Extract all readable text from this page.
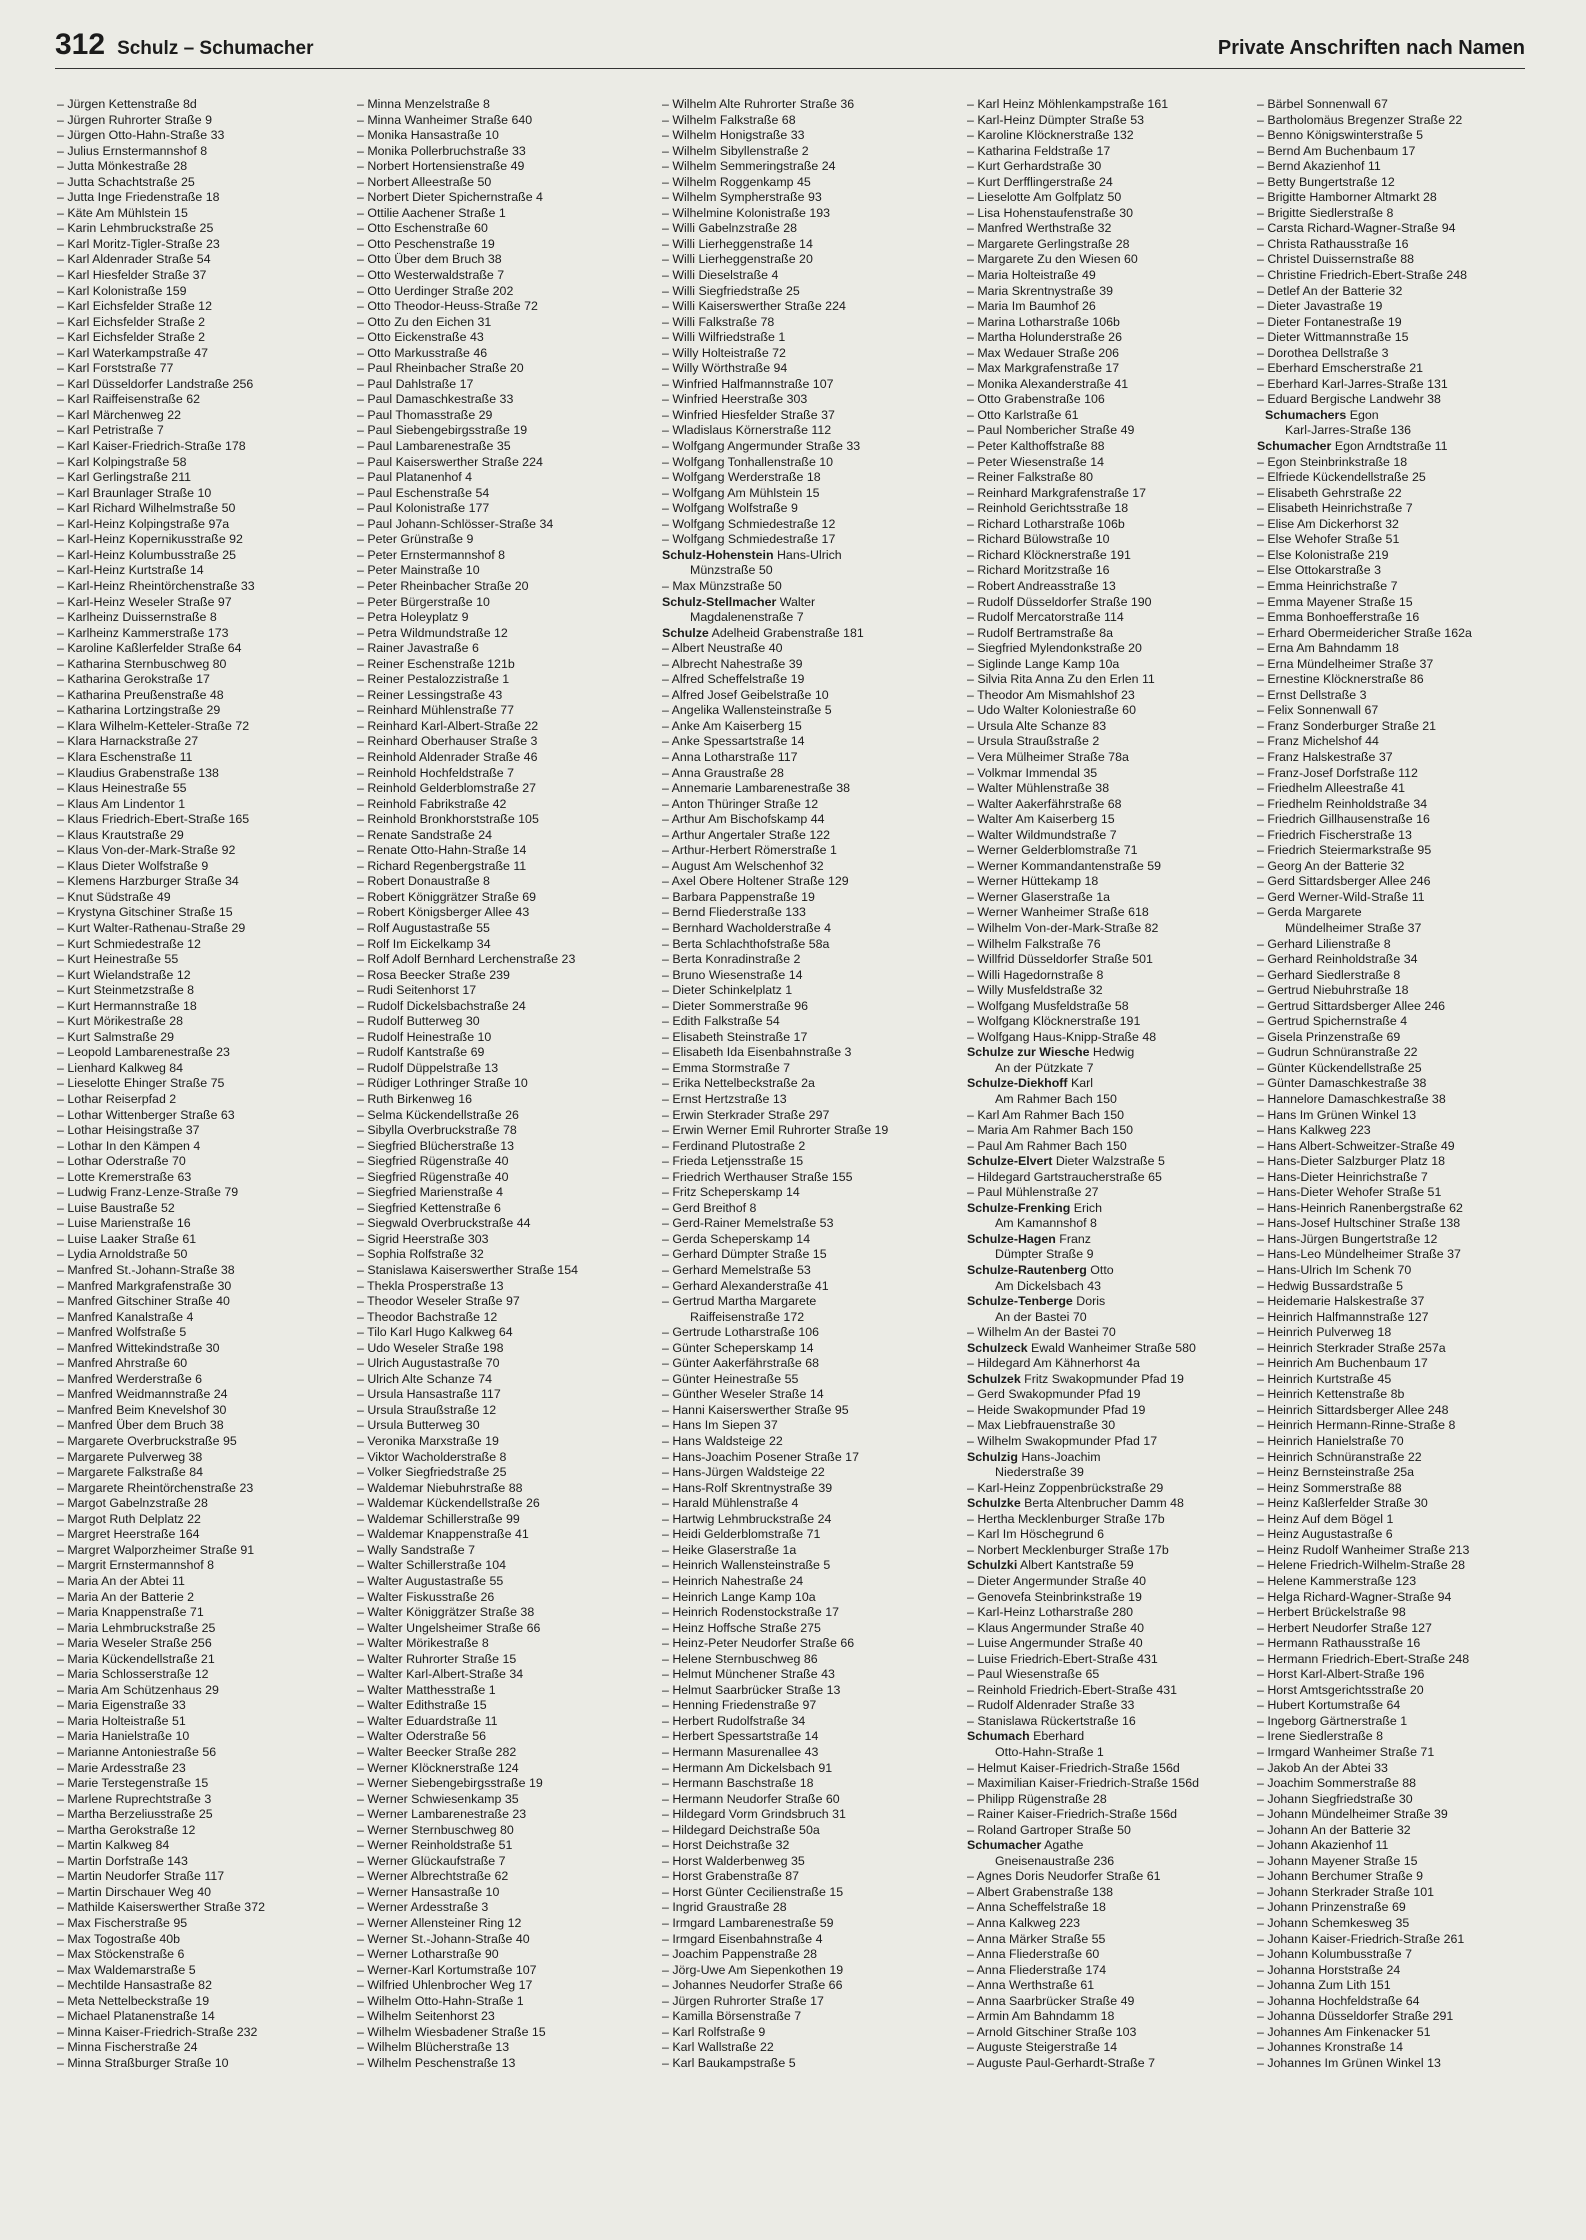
312 Schulz – Schumacher	Private Anschriften nach Namen
– Jürgen Kettenstraße 8d
– Jürgen Ruhrorter Straße 9
– Jürgen Otto-Hahn-Straße 33
– Julius Ernstermannshof 8
– Jutta Mönkestraße 28
– Jutta Schachtstraße 25
– Jutta Inge Friedenstraße 18
– Käte Am Mühlstein 15
– Karin Lehmbruckstraße 25
– Karl Moritz-Tigler-Straße 23
– Karl Aldenrader Straße 54
– Karl Hiesfelder Straße 37
– Karl Kolonistraße 159
– Karl Eichsfelder Straße 12
– Karl Eichsfelder Straße 2
– Karl Eichsfelder Straße 2
– Karl Waterkampstraße 47
– Karl Forststraße 77
– Karl Düsseldorfer Landstraße 256
– Karl Raiffeisenstraße 62
– Karl Märchenweg 22
– Karl Petristraße 7
– Karl Kaiser-Friedrich-Straße 178
– Karl Kolpingstraße 58
– Karl Gerlingstraße 211
– Karl Braunlager Straße 10
– Karl Richard Wilhelmstraße 50
– Karl-Heinz Kolpingstraße 97a
– Karl-Heinz Kopernikusstraße 92
– Karl-Heinz Kolumbusstraße 25
– Karl-Heinz Kurtstraße 14
– Karl-Heinz Rheintörchenstraße 33
– Karl-Heinz Weseler Straße 97
– Karlheinz Duissernstraße 8
– Karlheinz Kammerstraße 173
– Karoline Kaßlerfelder Straße 64
– Katharina Sternbuschweg 80
– Katharina Gerokstraße 17
– Katharina Preußenstraße 48
– Katharina Lortzingstraße 29
– Klara Wilhelm-Ketteler-Straße 72
– Klara Harnackstraße 27
– Klara Eschenstraße 11
– Klaudius Grabenstraße 138
– Klaus Heinestraße 55
– Klaus Am Lindentor 1
– Klaus Friedrich-Ebert-Straße 165
– Klaus Krautstraße 29
– Klaus Von-der-Mark-Straße 92
– Klaus Dieter Wolfstraße 9
– Klemens Harzburger Straße 34
– Knut Südstraße 49
– Krystyna Gitschiner Straße 15
– Kurt Walter-Rathenau-Straße 29
– Kurt Schmiedestraße 12
– Kurt Heinestraße 55
– Kurt Wielandstraße 12
– Kurt Steinmetzstraße 8
– Kurt Hermannstraße 18
– Kurt Mörikestraße 28
– Kurt Salmstraße 29
– Leopold Lambarenestraße 23
– Lienhard Kalkweg 84
– Lieselotte Ehinger Straße 75
– Lothar Reiserpfad 2
– Lothar Wittenberger Straße 63
– Lothar Heisingstraße 37
– Lothar In den Kämpen 4
– Lothar Oderstraße 70
– Lotte Kremerstraße 63
– Ludwig Franz-Lenze-Straße 79
– Luise Baustraße 52
– Luise Marienstraße 16
– Luise Laaker Straße 61
– Lydia Arnoldstraße 50
– Manfred St.-Johann-Straße 38
– Manfred Markgrafenstraße 30
– Manfred Gitschiner Straße 40
– Manfred Kanalstraße 4
– Manfred Wolfstraße 5
– Manfred Wittekindstraße 30
– Manfred Ahrstraße 60
– Manfred Werderstraße 6
– Manfred Weidmannstraße 24
– Manfred Beim Knevelshof 30
– Manfred Über dem Bruch 38
– Margarete Overbruckstraße 95
– Margarete Pulverweg 38
– Margarete Falkstraße 84
– Margarete Rheintörchenstraße 23
– Margot Gabelnzstraße 28
– Margot Ruth Delplatz 22
– Margret Heerstraße 164
– Margret Walporzheimer Straße 91
– Margrit Ernstermannshof 8
– Maria An der Abtei 11
– Maria An der Batterie 2
– Maria Knappenstraße 71
– Maria Lehmbruckstraße 25
– Maria Weseler Straße 256
– Maria Kückendellstraße 21
– Maria Schlosserstraße 12
– Maria Am Schützenhaus 29
– Maria Eigenstraße 33
– Maria Holteistraße 51
– Maria Hanielstraße 10
– Marianne Antoniestraße 56
– Marie Ardesstraße 23
– Marie Terstegenstraße 15
– Marlene Ruprechtstraße 3
– Martha Berzeliusstraße 25
– Martha Gerokstraße 12
– Martin Kalkweg 84
– Martin Dorfstraße 143
– Martin Neudorfer Straße 117
– Martin Dirschauer Weg 40
– Mathilde Kaiserswerther Straße 372
– Max Fischerstraße 95
– Max Togostraße 40b
– Max Stöckenstraße 6
– Max Waldemarstraße 5
– Mechtilde Hansastraße 82
– Meta Nettelbeckstraße 19
– Michael Platanenstraße 14
– Minna Kaiser-Friedrich-Straße 232
– Minna Fischerstraße 24
– Minna Straßburger Straße 10
– Minna Menzelstraße 8
– Minna Wanheimer Straße 640
– Monika Hansastraße 10
– Monika Pollerbruchstraße 33
– Norbert Hortensienstraße 49
– Norbert Alleestraße 50
– Norbert Dieter Spichernstraße 4
– Ottilie Aachener Straße 1
– Otto Eschenstraße 60
– Otto Peschenstraße 19
– Otto Über dem Bruch 38
– Otto Westerwaldstraße 7
– Otto Uerdinger Straße 202
– Otto Theodor-Heuss-Straße 72
– Otto Zu den Eichen 31
– Otto Eickenstraße 43
– Otto Markusstraße 46
– Paul Rheinbacher Straße 20
– Paul Dahlstraße 17
– Paul Damaschkestraße 33
– Paul Thomasstraße 29
– Paul Siebengebirgsstraße 19
– Paul Lambarenestraße 35
– Paul Kaiserswerther Straße 224
– Paul Platanenhof 4
– Paul Eschenstraße 54
– Paul Kolonistraße 177
– Paul Johann-Schlösser-Straße 34
– Peter Grünstraße 9
– Peter Ernstermannshof 8
– Peter Mainstraße 10
– Peter Rheinbacher Straße 20
– Peter Bürgerstraße 10
– Petra Holeyplatz 9
– Petra Wildmundstraße 12
– Rainer Javastraße 6
– Reiner Eschenstraße 121b
– Reiner Pestalozzistraße 1
– Reiner Lessingstraße 43
– Reinhard Mühlenstraße 77
– Reinhard Karl-Albert-Straße 22
– Reinhard Oberhauser Straße 3
– Reinhold Aldenrader Straße 46
– Reinhold Hochfeldstraße 7
– Reinhold Gelderblomstraße 27
– Reinhold Fabrikstraße 42
– Reinhold Bronkhorststraße 105
– Renate Sandstraße 24
– Renate Otto-Hahn-Straße 14
– Richard Regenbergstraße 11
– Robert Donaustraße 8
– Robert Königgrätzer Straße 69
– Robert Königsberger Allee 43
– Rolf Augustastraße 55
– Rolf Im Eickelkamp 34
– Rolf Adolf Bernhard Lerchenstraße 23
– Rosa Beecker Straße 239
– Rudi Seitenhorst 17
– Rudolf Dickelsbachstraße 24
– Rudolf Butterweg 30
– Rudolf Heinestraße 10
– Rudolf Kantstraße 69
– Rudolf Düppelstraße 13
– Rüdiger Lothringer Straße 10
– Ruth Birkenweg 16
– Selma Kückendellstraße 26
– Sibylla Overbruckstraße 78
– Siegfried Blücherstraße 13
– Siegfried Rügenstraße 40
– Siegfried Rügenstraße 40
– Siegfried Marienstraße 4
– Siegfried Kettenstraße 6
– Siegwald Overbruckstraße 44
– Sigrid Heerstraße 303
– Sophia Rolfstraße 32
– Stanislawa Kaiserswerther Straße 154
– Thekla Prosperstraße 13
– Theodor Weseler Straße 97
– Theodor Bachstraße 12
– Tilo Karl Hugo Kalkweg 64
– Udo Weseler Straße 198
– Ulrich Augustastraße 70
– Ulrich Alte Schanze 74
– Ursula Hansastraße 117
– Ursula Straußstraße 12
– Ursula Butterweg 30
– Veronika Marxstraße 19
– Viktor Wacholderstraße 8
– Volker Siegfriedstraße 25
– Waldemar Niebuhrstraße 88
– Waldemar Kückendellstraße 26
– Waldemar Schillerstraße 99
– Waldemar Knappenstraße 41
– Wally Sandstraße 7
– Walter Schillerstraße 104
– Walter Augustastraße 55
– Walter Fiskusstraße 26
– Walter Königgrätzer Straße 38
– Walter Ungelsheimer Straße 66
– Walter Mörikestraße 8
– Walter Ruhrorter Straße 15
– Walter Karl-Albert-Straße 34
– Walter Matthesstraße 1
– Walter Edithstraße 15
– Walter Eduardstraße 11
– Walter Oderstraße 56
– Walter Beecker Straße 282
– Werner Klöcknerstraße 124
– Werner Siebengebirgsstraße 19
– Werner Schwiesenkamp 35
– Werner Lambarenestraße 23
– Werner Sternbuschweg 80
– Werner Reinholdstraße 51
– Werner Glückaufstraße 7
– Werner Albrechtstraße 62
– Werner Hansastraße 10
– Werner Ardesstraße 3
– Werner Allensteiner Ring 12
– Werner St.-Johann-Straße 40
– Werner Lotharstraße 90
– Werner-Karl Kortumstraße 107
– Wilfried Uhlenbrocher Weg 17
– Wilhelm Otto-Hahn-Straße 1
– Wilhelm Seitenhorst 23
– Wilhelm Wiesbadener Straße 15
– Wilhelm Blücherstraße 13
– Wilhelm Peschenstraße 13
– Wilhelm Alte Ruhrorter Straße 36
– Wilhelm Falkstraße 68
– Wilhelm Honigstraße 33
– Wilhelm Sibyllenstraße 2
– Wilhelm Semmeringstraße 24
– Wilhelm Roggenkamp 45
– Wilhelm Sympherstraße 93
– Wilhelmine Kolonistraße 193
– Willi Gabelnzstraße 28
– Willi Lierheggenstraße 14
– Willi Lierheggenstraße 20
– Willi Dieselstraße 4
– Willi Siegfriedstraße 25
– Willi Kaiserswerther Straße 224
– Willi Falkstraße 78
– Willi Wilfriedstraße 1
– Willy Holteistraße 72
– Willy Wörthstraße 94
– Winfried Halfmannstraße 107
– Winfried Heerstraße 303
– Winfried Hiesfelder Straße 37
– Wladislaus Körnerstraße 112
– Wolfgang Angermunder Straße 33
– Wolfgang Tonhallenstraße 10
– Wolfgang Werderstraße 18
– Wolfgang Am Mühlstein 15
– Wolfgang Wolfstraße 9
– Wolfgang Schmiedestraße 12
– Wolfgang Schmiedestraße 17
Schulz-Hohenstein Hans-Ulrich
Münzstraße 50
– Max Münzstraße 50
Schulz-Stellmacher Walter
Magdalenenstraße 7
Schulze Adelheid Grabenstraße 181
– Albert Neustraße 40
– Albrecht Nahestraße 39
– Alfred Scheffelstraße 19
– Alfred Josef Geibelstraße 10
– Angelika Wallensteinstraße 5
– Anke Am Kaiserberg 15
– Anke Spessartstraße 14
– Anna Lotharstraße 117
– Anna Graustraße 28
– Annemarie Lambarenestraße 38
– Anton Thüringer Straße 12
– Arthur Am Bischofskamp 44
– Arthur Angertaler Straße 122
– Arthur-Herbert Römerstraße 1
– August Am Welschenhof 32
– Axel Obere Holtener Straße 129
– Barbara Pappenstraße 19
– Bernd Fliederstraße 133
– Bernhard Wacholderstraße 4
– Berta Schlachthofstraße 58a
– Berta Konradinstraße 2
– Bruno Wiesenstraße 14
– Dieter Schinkelplatz 1
– Dieter Sommerstraße 96
– Edith Falkstraße 54
– Elisabeth Steinstraße 17
– Elisabeth Ida Eisenbahnstraße 3
– Emma Stormstraße 7
– Erika Nettelbeckstraße 2a
– Ernst Hertzstraße 13
– Erwin Sterkrader Straße 297
– Erwin Werner Emil Ruhrorter Straße 19
– Ferdinand Plutostraße 2
– Frieda Letjensstraße 15
– Friedrich Werthauser Straße 155
– Fritz Scheperskamp 14
– Gerd Breithof 8
– Gerd-Rainer Memelstraße 53
– Gerda Scheperskamp 14
– Gerhard Dümpter Straße 15
– Gerhard Memelstraße 53
– Gerhard Alexanderstraße 41
– Gertrud Martha Margarete
Raiffeisenstraße 172
– Gertrude Lotharstraße 106
– Günter Scheperskamp 14
– Günter Aakerfährstraße 68
– Günter Heinestraße 55
– Günther Weseler Straße 14
– Hanni Kaiserswerther Straße 95
– Hans Im Siepen 37
– Hans Waldsteige 22
– Hans-Joachim Posener Straße 17
– Hans-Jürgen Waldsteige 22
– Hans-Rolf Skrentnystraße 39
– Harald Mühlenstraße 4
– Hartwig Lehmbruckstraße 24
– Heidi Gelderblomstraße 71
– Heike Glaserstraße 1a
– Heinrich Wallensteinstraße 5
– Heinrich Nahestraße 24
– Heinrich Lange Kamp 10a
– Heinrich Rodenstockstraße 17
– Heinz Hoffsche Straße 275
– Heinz-Peter Neudorfer Straße 66
– Helene Sternbuschweg 86
– Helmut Münchener Straße 43
– Helmut Saarbrücker Straße 13
– Henning Friedenstraße 97
– Herbert Rudolfstraße 34
– Herbert Spessartstraße 14
– Hermann Masurenallee 43
– Hermann Am Dickelsbach 91
– Hermann Baschstraße 18
– Hermann Neudorfer Straße 60
– Hildegard Vorm Grindsbruch 31
– Hildegard Deichstraße 50a
– Horst Deichstraße 32
– Horst Walderbenweg 35
– Horst Grabenstraße 87
– Horst Günter Cecilienstraße 15
– Ingrid Graustraße 28
– Irmgard Lambarenestraße 59
– Irmgard Eisenbahnstraße 4
– Joachim Pappenstraße 28
– Jörg-Uwe Am Siepenkothen 19
– Johannes Neudorfer Straße 66
– Jürgen Ruhrorter Straße 17
– Kamilla Börsenstraße 7
– Karl Rolfstraße 9
– Karl Wallstraße 22
– Karl Baukampstraße 5
– Karl Heinz Möhlenkampstraße 161
– Karl-Heinz Dümpter Straße 53
– Karoline Klöcknerstraße 132
– Katharina Feldstraße 17
– Kurt Gerhardstraße 30
– Kurt Derfflingerstraße 24
– Lieselotte Am Golfplatz 50
– Lisa Hohenstaufenstraße 30
– Manfred Werthstraße 32
– Margarete Gerlingstraße 28
– Margarete Zu den Wiesen 60
– Maria Holteistraße 49
– Maria Skrentnystraße 39
– Maria Im Baumhof 26
– Marina Lotharstraße 106b
– Martha Holunderstraße 26
– Max Wedauer Straße 206
– Max Markgrafenstraße 17
– Monika Alexanderstraße 41
– Otto Grabenstraße 106
– Otto Karlstraße 61
– Paul Nombericher Straße 49
– Peter Kalthoffstraße 88
– Peter Wiesenstraße 14
– Reiner Falkstraße 80
– Reinhard Markgrafenstraße 17
– Reinhold Gerichtsstraße 18
– Richard Lotharstraße 106b
– Richard Bülowstraße 10
– Richard Klöcknerstraße 191
– Richard Moritzstraße 16
– Robert Andreasstraße 13
– Rudolf Düsseldorfer Straße 190
– Rudolf Mercatorstraße 114
– Rudolf Bertramstraße 8a
– Siegfried Mylendonkstraße 20
– Siglinde Lange Kamp 10a
– Silvia Rita Anna Zu den Erlen 11
– Theodor Am Mismahlshof 23
– Udo Walter Koloniestraße 60
– Ursula Alte Schanze 83
– Ursula Straußstraße 2
– Vera Mülheimer Straße 78a
– Volkmar Immendal 35
– Walter Mühlenstraße 38
– Walter Aakerfährstraße 68
– Walter Am Kaiserberg 15
– Walter Wildmundstraße 7
– Werner Gelderblomstraße 71
– Werner Kommandantenstraße 59
– Werner Hüttekamp 18
– Werner Glaserstraße 1a
– Werner Wanheimer Straße 618
– Wilhelm Von-der-Mark-Straße 82
– Wilhelm Falkstraße 76
– Willfrid Düsseldorfer Straße 501
– Willi Hagedornstraße 8
– Willy Musfeldstraße 32
– Wolfgang Musfeldstraße 58
– Wolfgang Klöcknerstraße 191
– Wolfgang Haus-Knipp-Straße 48
Schulze zur Wiesche Hedwig
An der Pützkate 7
Schulze-Diekhoff Karl
Am Rahmer Bach 150
– Karl Am Rahmer Bach 150
– Maria Am Rahmer Bach 150
– Paul Am Rahmer Bach 150
Schulze-Elvert Dieter Walzstraße 5
– Hildegard Gartstraucherstraße 65
– Paul Mühlenstraße 27
Schulze-Frenking Erich
Am Kamannshof 8
Schulze-Hagen Franz
Dümpter Straße 9
Schulze-Rautenberg Otto
Am Dickelsbach 43
Schulze-Tenberge Doris
An der Bastei 70
– Wilhelm An der Bastei 70
Schulzeck Ewald Wanheimer Straße 580
– Hildegard Am Kähnerhorst 4a
Schulzek Fritz Swakopmunder Pfad 19
– Gerd Swakopmunder Pfad 19
– Heide Swakopmunder Pfad 19
– Max Liebfrauenstraße 30
– Wilhelm Swakopmunder Pfad 17
Schulzig Hans-Joachim
Niederstraße 39
– Karl-Heinz Zoppenbrückstraße 29
Schulzke Berta Altenbrucher Damm 48
– Hertha Mecklenburger Straße 17b
– Karl Im Höschegrund 6
– Norbert Mecklenburger Straße 17b
Schulzki Albert Kantstraße 59
– Dieter Angermunder Straße 40
– Genovefa Steinbrinkstraße 19
– Karl-Heinz Lotharstraße 280
– Klaus Angermunder Straße 40
– Luise Angermunder Straße 40
– Luise Friedrich-Ebert-Straße 431
– Paul Wiesenstraße 65
– Reinhold Friedrich-Ebert-Straße 431
– Rudolf Aldenrader Straße 33
– Stanislawa Rückertstraße 16
Schumach Eberhard
Otto-Hahn-Straße 1
– Helmut Kaiser-Friedrich-Straße 156d
– Maximilian Kaiser-Friedrich-Straße 156d
– Philipp Rügenstraße 28
– Rainer Kaiser-Friedrich-Straße 156d
– Roland Gartroper Straße 50
Schumacher Agathe
Gneisenaustraße 236
– Agnes Doris Neudorfer Straße 61
– Albert Grabenstraße 138
– Anna Scheffelstraße 18
– Anna Kalkweg 223
– Anna Märker Straße 55
– Anna Fliederstraße 60
– Anna Fliederstraße 174
– Anna Werthstraße 61
– Anna Saarbrücker Straße 49
– Armin Am Bahndamm 18
– Arnold Gitschiner Straße 103
– Auguste Steigerstraße 14
– Auguste Paul-Gerhardt-Straße 7
– Bärbel Sonnenwall 67
– Bartholomäus Bregenzer Straße 22
– Benno Königswinterstraße 5
– Bernd Am Buchenbaum 17
– Bernd Akazienhof 11
– Betty Bungertstraße 12
– Brigitte Hamborner Altmarkt 28
– Brigitte Siedlerstraße 8
– Carsta Richard-Wagner-Straße 94
– Christa Rathausstraße 16
– Christel Duissernstraße 88
– Christine Friedrich-Ebert-Straße 248
– Detlef An der Batterie 32
– Dieter Javastraße 19
– Dieter Fontanestraße 19
– Dieter Wittmannstraße 15
– Dorothea Dellstraße 3
– Eberhard Emscherstraße 21
– Eberhard Karl-Jarres-Straße 131
– Eduard Bergische Landwehr 38
Schumachers Egon
Karl-Jarres-Straße 136
Schumacher Egon Arndtstraße 11
– Egon Steinbrinkstraße 18
– Elfriede Kückendellstraße 25
– Elisabeth Gehrstraße 22
– Elisabeth Heinrichstraße 7
– Elise Am Dickerhorst 32
– Else Wehofer Straße 51
– Else Kolonistraße 219
– Else Ottokarstraße 3
– Emma Heinrichstraße 7
– Emma Mayener Straße 15
– Emma Bonhoefferstraße 16
– Erhard Obermeidericher Straße 162a
– Erna Am Bahndamm 18
– Erna Mündelheimer Straße 37
– Ernestine Klöcknerstraße 86
– Ernst Dellstraße 3
– Felix Sonnenwall 67
– Franz Sonderburger Straße 21
– Franz Michelshof 44
– Franz Halskestraße 37
– Franz-Josef Dorfstraße 112
– Friedhelm Alleestraße 41
– Friedhelm Reinholdstraße 34
– Friedrich Gillhausenstraße 16
– Friedrich Fischerstraße 13
– Friedrich Steiermarkstraße 95
– Georg An der Batterie 32
– Gerd Sittardsberger Allee 246
– Gerd Werner-Wild-Straße 11
– Gerda Margarete
Mündelheimer Straße 37
– Gerhard Lilienstraße 8
– Gerhard Reinholdstraße 34
– Gerhard Siedlerstraße 8
– Gertrud Niebuhrstraße 18
– Gertrud Sittardsberger Allee 246
– Gertrud Spichernstraße 4
– Gisela Prinzenstraße 69
– Gudrun Schnüranstraße 22
– Günter Kückendellstraße 25
– Günter Damaschkestraße 38
– Hannelore Damaschkestraße 38
– Hans Im Grünen Winkel 13
– Hans Kalkweg 223
– Hans Albert-Schweitzer-Straße 49
– Hans-Dieter Salzburger Platz 18
– Hans-Dieter Heinrichstraße 7
– Hans-Dieter Wehofer Straße 51
– Hans-Heinrich Ranenbergstraße 62
– Hans-Josef Hultschiner Straße 138
– Hans-Jürgen Bungertstraße 12
– Hans-Leo Mündelheimer Straße 37
– Hans-Ulrich Im Schenk 70
– Hedwig Bussardstraße 5
– Heidemarie Halskestraße 37
– Heinrich Halfmannstraße 127
– Heinrich Pulverweg 18
– Heinrich Sterkrader Straße 257a
– Heinrich Am Buchenbaum 17
– Heinrich Kurtstraße 45
– Heinrich Kettenstraße 8b
– Heinrich Sittardsberger Allee 248
– Heinrich Hermann-Rinne-Straße 8
– Heinrich Hanielstraße 70
– Heinrich Schnüranstraße 22
– Heinz Bernsteinstraße 25a
– Heinz Sommerstraße 88
– Heinz Kaßlerfelder Straße 30
– Heinz Auf dem Bögel 1
– Heinz Augustastraße 6
– Heinz Rudolf Wanheimer Straße 213
– Helene Friedrich-Wilhelm-Straße 28
– Helene Kammerstraße 123
– Helga Richard-Wagner-Straße 94
– Herbert Brückelstraße 98
– Herbert Neudorfer Straße 127
– Hermann Rathausstraße 16
– Hermann Friedrich-Ebert-Straße 248
– Horst Karl-Albert-Straße 196
– Horst Amtsgerichtsstraße 20
– Hubert Kortumstraße 64
– Ingeborg Gärtnerstraße 1
– Irene Siedlerstraße 8
– Irmgard Wanheimer Straße 71
– Jakob An der Abtei 33
– Joachim Sommerstraße 88
– Johann Siegfriedstraße 30
– Johann Mündelheimer Straße 39
– Johann An der Batterie 32
– Johann Akazienhof 11
– Johann Mayener Straße 15
– Johann Berchumer Straße 9
– Johann Sterkrader Straße 101
– Johann Prinzenstraße 69
– Johann Schemkesweg 35
– Johann Kaiser-Friedrich-Straße 261
– Johann Kolumbusstraße 7
– Johanna Horststraße 24
– Johanna Zum Lith 151
– Johanna Hochfeldstraße 64
– Johanna Düsseldorfer Straße 291
– Johannes Am Finkenacker 51
– Johannes Kronstraße 14
– Johannes Im Grünen Winkel 13
